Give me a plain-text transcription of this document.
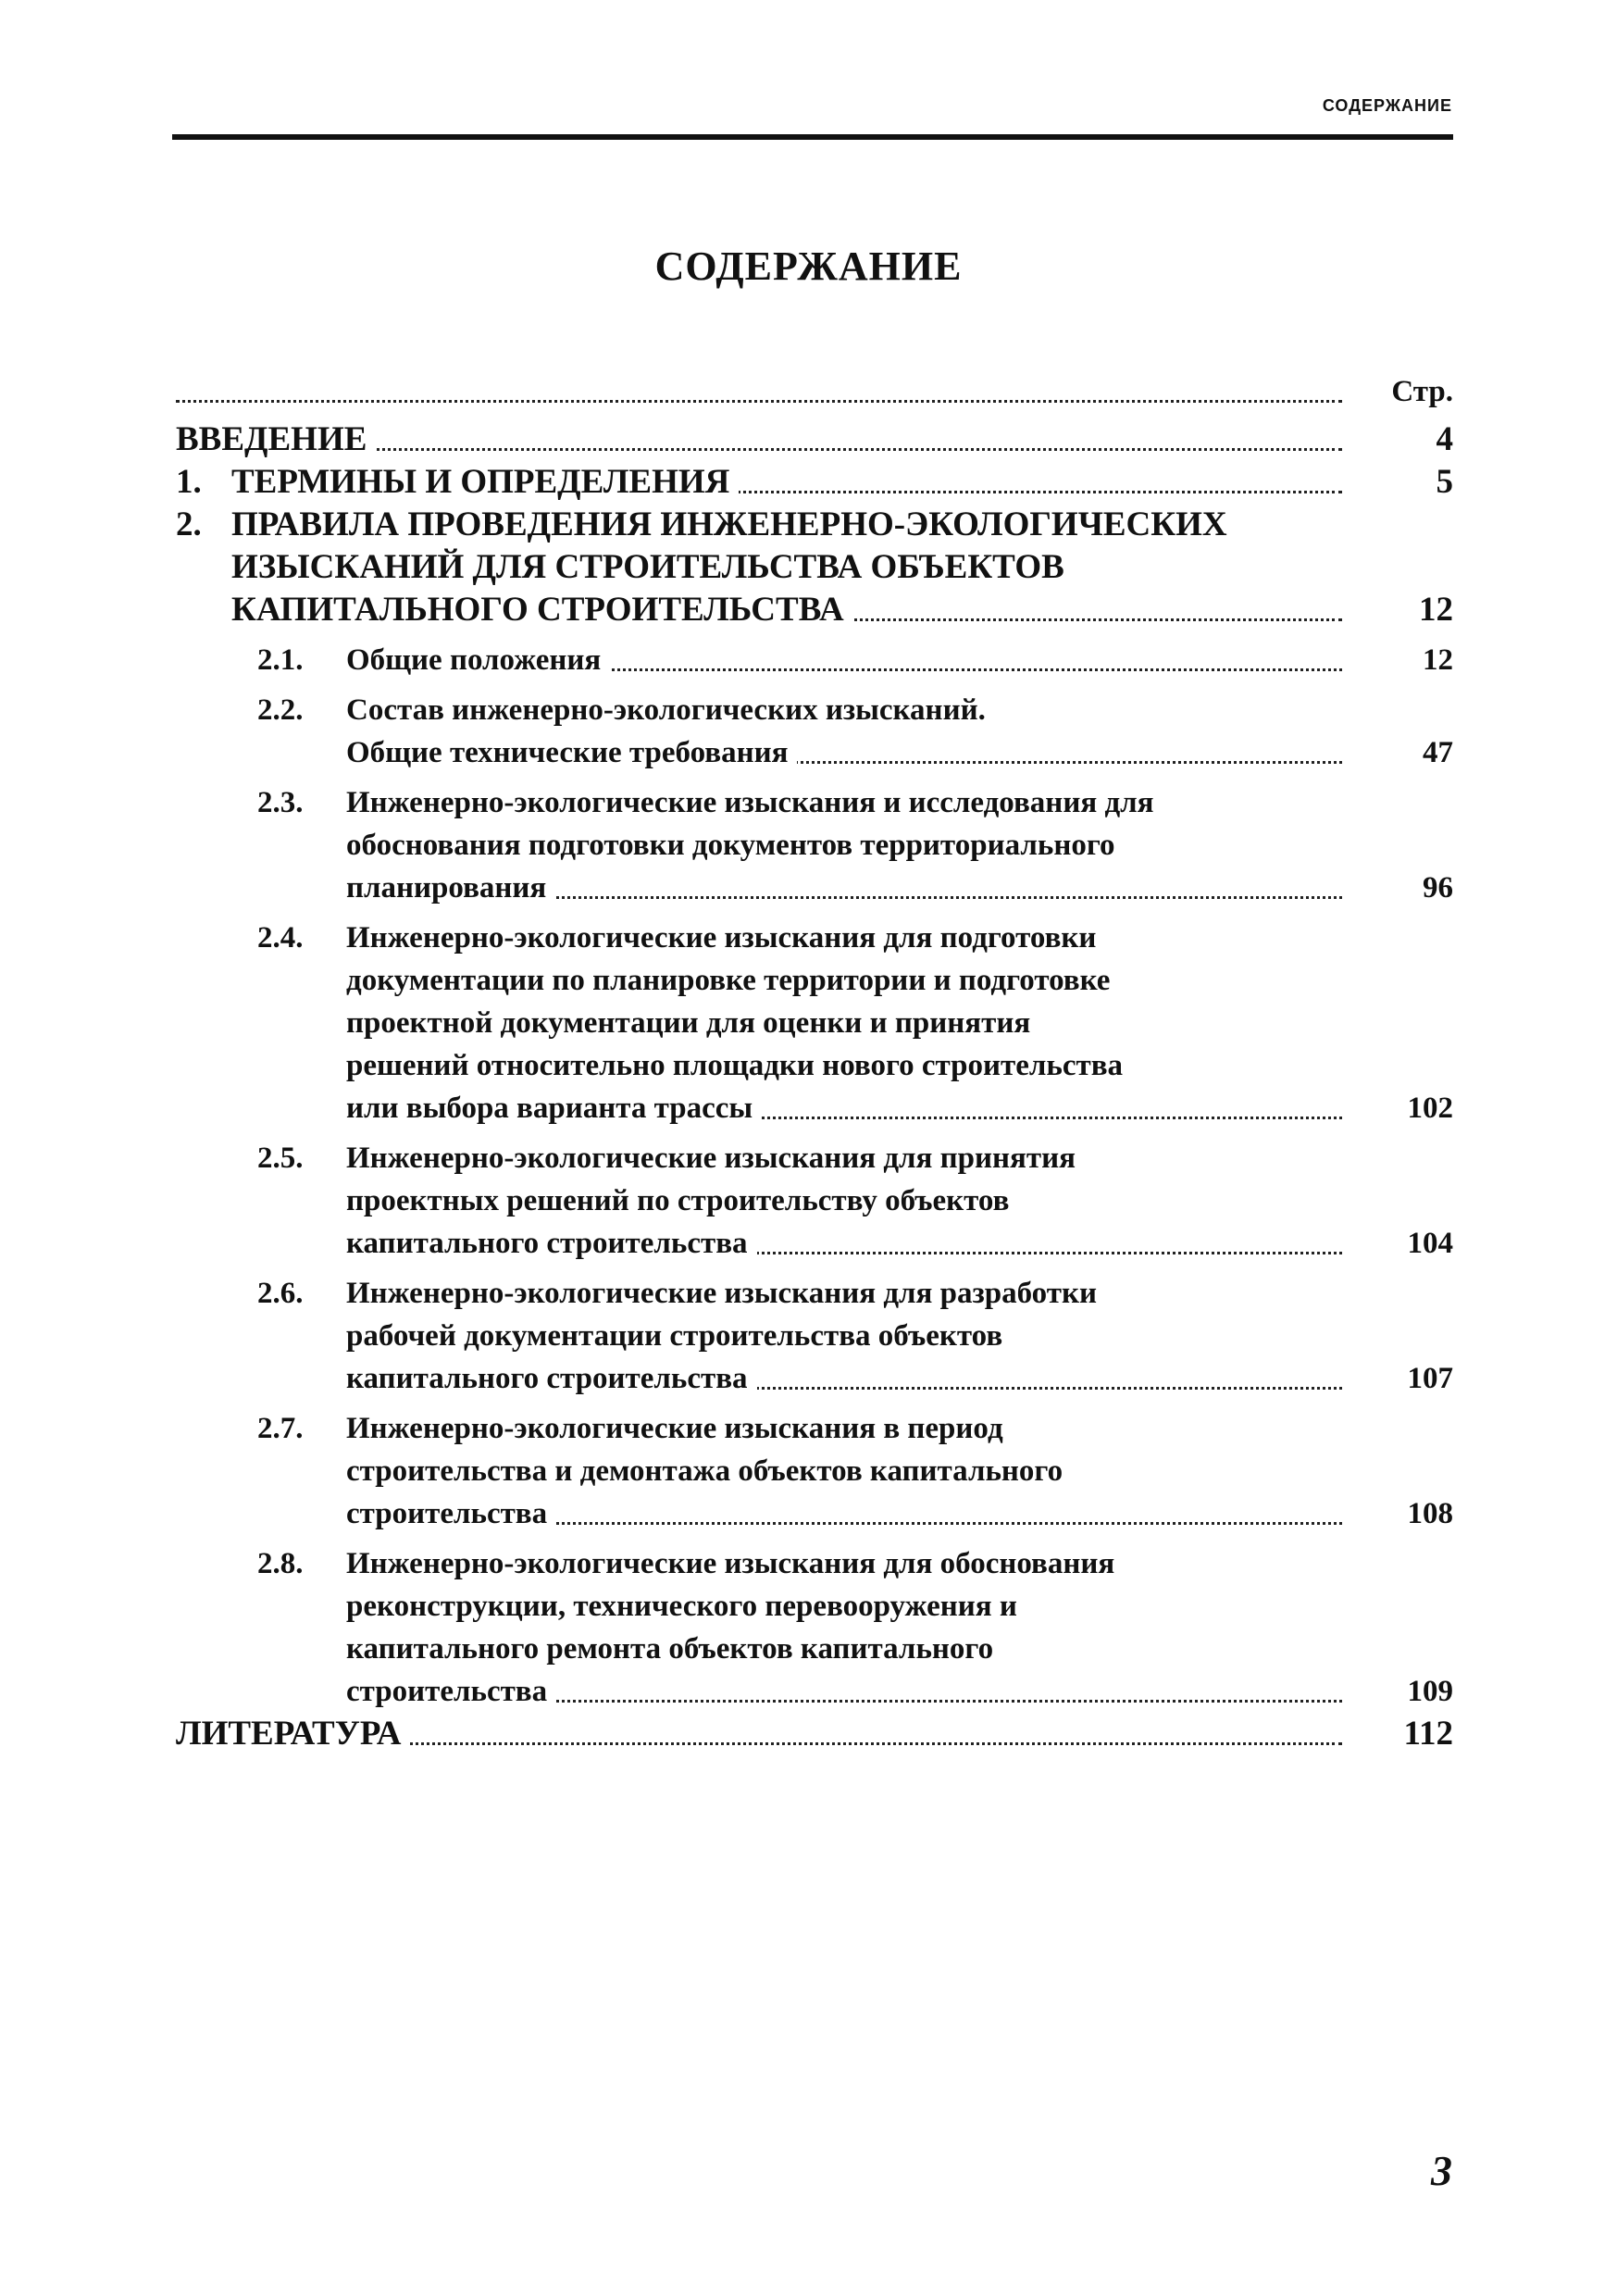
СОДЕРЖАНИЕ
СОДЕРЖАНИЕ

Стр.
ВВЕДЕНИЕ	4
1. ТЕРМИНЫ И ОПРЕДЕЛЕНИЯ	5
2. ПРАВИЛА ПРОВЕДЕНИЯ ИНЖЕНЕРНО-ЭКОЛОГИЧЕСКИХ
ИЗЫСКАНИЙ ДЛЯ СТРОИТЕЛЬСТВА ОБЪЕКТОВ
КАПИТАЛЬНОГО СТРОИТЕЛЬСТВА	12
2.1.	Общие положения	12
2.2.	Состав инженерно-экологических изысканий.
Общие технические требования	47
2.3.	Инженерно-экологические изыскания и исследования для
обоснования подготовки документов территориального
планирования	96
2.4.	Инженерно-экологические изыскания для подготовки
документации по планировке территории и подготовке
проектной документации для оценки и принятия
решений относительно площадки нового строительства
или выбора варианта трассы	102
2.5.	Инженерно-экологические изыскания для принятия
проектных решений по строительству объектов
капитального строительства	104
2.6.	Инженерно-экологические изыскания для разработки
рабочей документации строительства объектов
капитального строительства	107
2.7.	Инженерно-экологические изыскания в период
строительства и демонтажа объектов капитального
строительства	108
2.8.	Инженерно-экологические изыскания для обоснования
реконструкции, технического перевооружения и
капитального ремонта объектов капитального
строительства	109
ЛИТЕРАТУРА	112
3
